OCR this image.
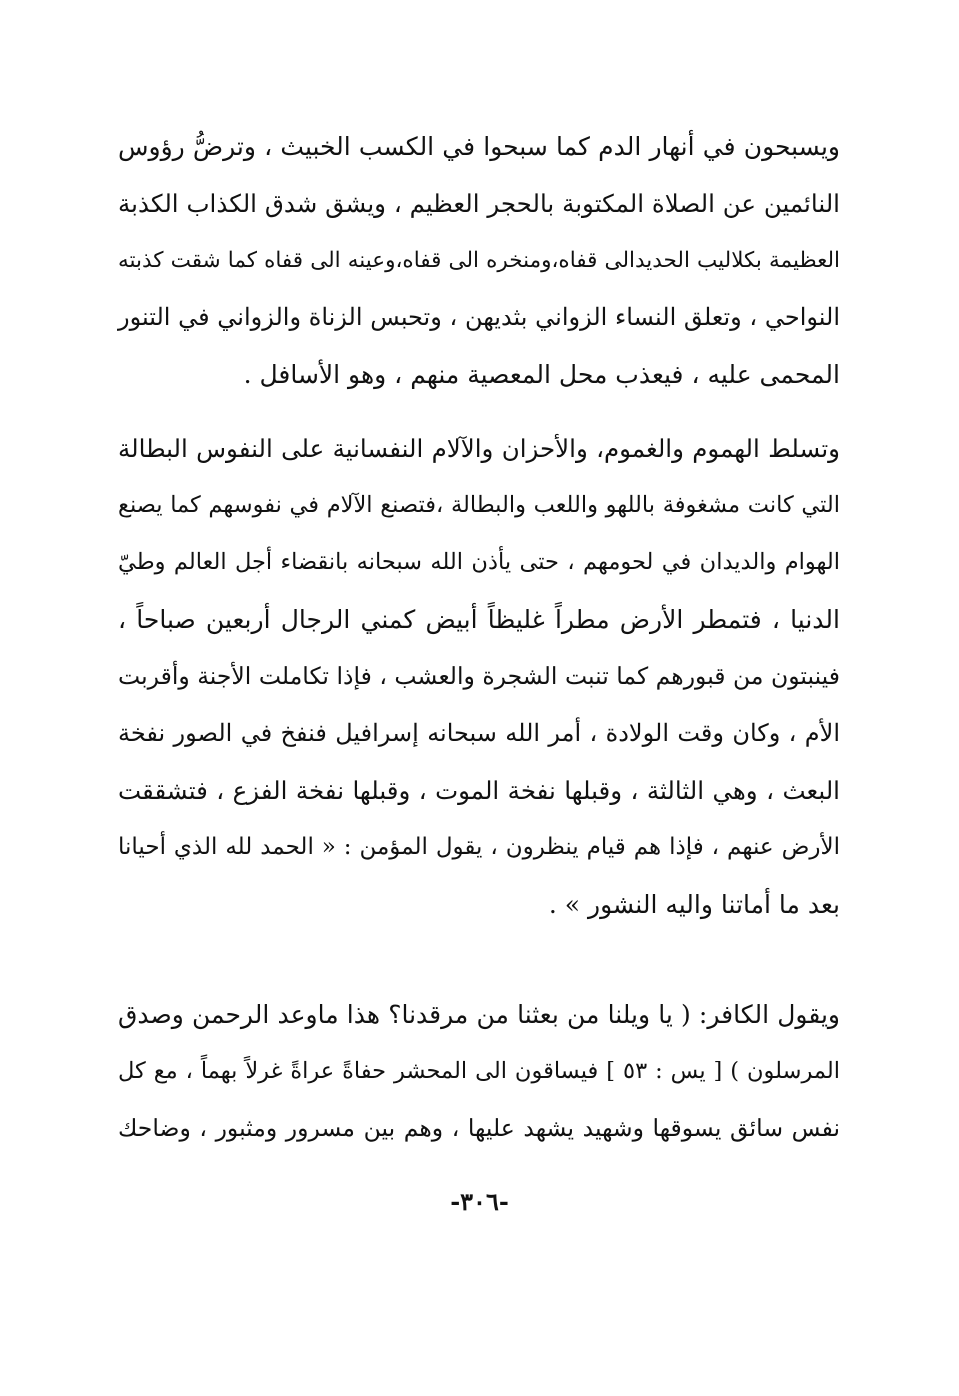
ويسبحون في أنهار الدم كما سبحوا في الكسب الخبيث ، وترضُّ رؤوس
النائمين عن الصلاة المكتوبة بالحجر العظيم ، ويشق شدق الكذاب الكذبة
العظيمة بكلاليب الحديدالى قفاه،ومنخره الى قفاه،وعينه الى قفاه كما شقت كذبته
النواحي ، وتعلق النساء الزواني بثديهن ، وتحبس الزناة والزواني في التنور
المحمى عليه ، فيعذب محل المعصية منهم ، وهو الأسافل .
وتسلط الهموم والغموم، والأحزان والآلام النفسانية على النفوس البطالة
التي كانت مشغوفة باللهو واللعب والبطالة ،فتصنع الآلام في نفوسهم كما يصنع
الهوام والديدان في لحومهم ، حتى يأذن الله سبحانه بانقضاء أجل العالم وطيّ
الدنيا ، فتمطر الأرض مطراً غليظاً أبيض كمني الرجال أربعين صباحاً ،
فينبتون من قبورهم كما تنبت الشجرة والعشب ، فإذا تكاملت الأجنة وأقربت
الأم ، وكان وقت الولادة ، أمر الله سبحانه إسرافيل فنفخ في الصور نفخة
البعث ، وهي الثالثة ، وقبلها نفخة الموت ، وقبلها نفخة الفزع ، فتشققت
الأرض عنهم ، فإذا هم قيام ينظرون ، يقول المؤمن : « الحمد لله الذي أحيانا
بعد ما أماتنا واليه النشور » .
ويقول الكافر: ( يا ويلنا من بعثنا من مرقدنا؟ هذا ماوعد الرحمن وصدق
المرسلون ) [ يس : ٥٣ ] فيساقون الى المحشر حفاةً عراةً غرلاً بهماً ، مع كل
نفس سائق يسوقها وشهيد يشهد عليها ، وهم بين مسرور ومثبور ، وضاحك
-٣٠٦-
